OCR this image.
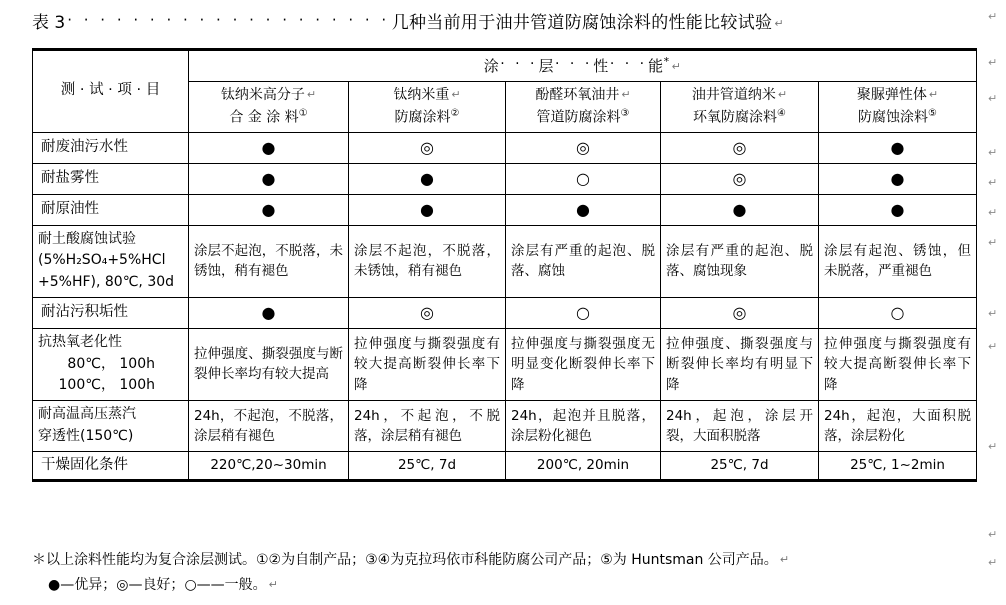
表 3 · · · · · · · · · · · · · · · · · · · · 几种当前用于油井管道防腐蚀涂料的性能比较试验 ↵
测 · 试 · 项 · 目	涂· · ·层· · ·性· · ·能* ↵				
	钛纳米高分子 ↵
合 金 涂 料①	钛纳米重 ↵
防腐涂料②	酚醛环氧油井 ↵
管道防腐涂料③	油井管道纳米 ↵
环氧防腐涂料④	聚脲弹性体 ↵
防腐蚀涂料⑤
耐废油污水性	●	◎	◎	◎	●
耐盐雾性	●	●	○	◎	●
耐原油性	●	●	●	●	●
耐土酸腐蚀试验
(5%H₂SO₄+5%HCl
+5%HF), 80℃, 30d	涂层不起泡，不脱落，未锈蚀，稍有褪色	涂层不起泡，不脱落，未锈蚀，稍有褪色	涂层有严重的起泡、脱落、腐蚀	涂层有严重的起泡、脱落、腐蚀现象	涂层有起泡、锈蚀，但未脱落，严重褪色
耐沾污积垢性	●	◎	○	◎	○
抗热氧老化性
80℃， 100h
100℃， 100h	拉伸强度、撕裂强度与断裂伸长率均有较大提高	拉伸强度与撕裂强度有较大提高断裂伸长率下降	拉伸强度与撕裂强度无明显变化断裂伸长率下降	拉伸强度、撕裂强度与断裂伸长率均有明显下降	拉伸强度与撕裂强度有较大提高断裂伸长率下降
耐高温高压蒸汽
穿透性(150℃)	24h，不起泡，不脱落，涂层稍有褪色	24h，不起泡，不脱落，涂层稍有褪色	24h，起泡并且脱落，涂层粉化褪色	24h，起泡，涂层开裂，大面积脱落	24h，起泡，大面积脱落，涂层粉化
干燥固化条件	220℃,20~30min	25℃, 7d	200℃, 20min	25℃, 7d	25℃, 1~2min
＊以上涂料性能均为复合涂层测试。①②为自制产品；③④为克拉玛依市科能防腐公司产品；⑤为 Huntsman 公司产品。 ↵
●—优异；◎—良好；○——一般。 ↵
↵
↵
↵
↵
↵
↵
↵
↵
↵
↵
↵
↵
